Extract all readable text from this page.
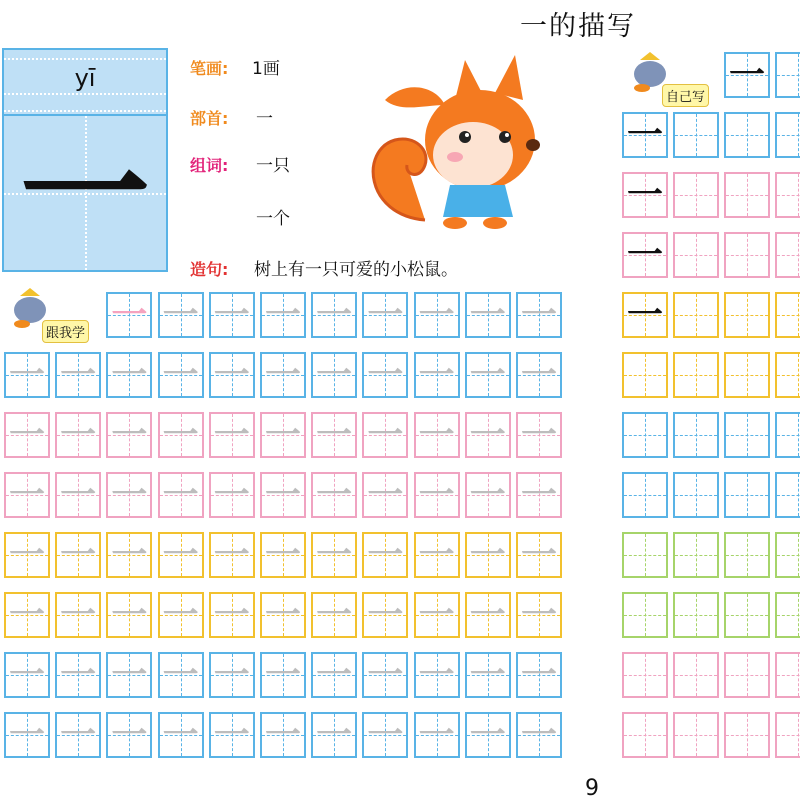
一的描写
yī
一
笔画: 1画
部首: 一
组词: 一只
一个
造句: 树上有一只可爱的小松鼠。
跟我学
自己写
9
一 一 一 一 一 一 一 一 一
一 一 一 一 一 一 一 一 一 一 一
一 一 一 一 一 一 一 一 一 一 一
一 一 一 一 一 一 一 一 一 一 一
一 一 一 一 一 一 一 一 一 一 一
一 一 一 一 一 一 一 一 一 一 一
一 一 一 一 一 一 一 一 一 一 一
一 一 一 一 一 一 一 一 一 一 一
一
一
一
一
一
